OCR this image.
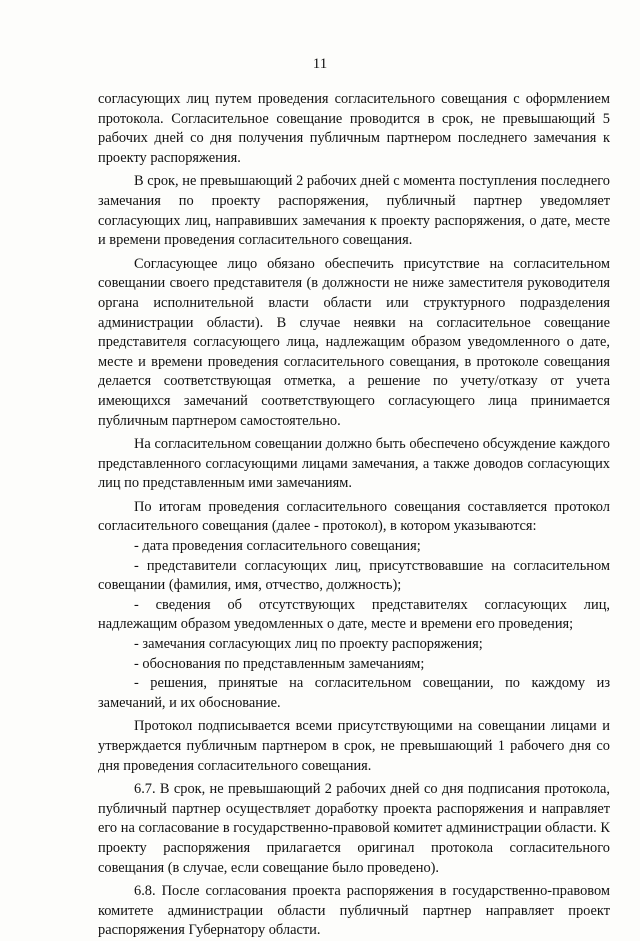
11

согласующих лиц путем проведения согласительного совещания с оформлением протокола. Согласительное совещание проводится в срок, не превышающий 5 рабочих дней со дня получения публичным партнером последнего замечания к проекту распоряжения.

В срок, не превышающий 2 рабочих дней с момента поступления последнего замечания по проекту распоряжения, публичный партнер уведомляет согласующих лиц, направивших замечания к проекту распоряжения, о дате, месте и времени проведения согласительного совещания.

Согласующее лицо обязано обеспечить присутствие на согласительном совещании своего представителя (в должности не ниже заместителя руководителя органа исполнительной власти области или структурного подразделения администрации области). В случае неявки на согласительное совещание представителя согласующего лица, надлежащим образом уведомленного о дате, месте и времени проведения согласительного совещания, в протоколе совещания делается соответствующая отметка, а решение по учету/отказу от учета имеющихся замечаний соответствующего согласующего лица принимается публичным партнером самостоятельно.

На согласительном совещании должно быть обеспечено обсуждение каждого представленного согласующими лицами замечания, а также доводов согласующих лиц по представленным ими замечаниям.

По итогам проведения согласительного совещания составляется протокол согласительного совещания (далее - протокол), в котором указываются:

- дата проведения согласительного совещания;

- представители согласующих лиц, присутствовавшие на согласительном совещании (фамилия, имя, отчество, должность);

- сведения об отсутствующих представителях согласующих лиц, надлежащим образом уведомленных о дате, месте и времени его проведения;

- замечания согласующих лиц по проекту распоряжения;

- обоснования по представленным замечаниям;

- решения, принятые на согласительном совещании, по каждому из замечаний, и их обоснование.

Протокол подписывается всеми присутствующими на совещании лицами и утверждается публичным партнером в срок, не превышающий 1 рабочего дня со дня проведения согласительного совещания.

6.7. В срок, не превышающий 2 рабочих дней со дня подписания протокола, публичный партнер осуществляет доработку проекта распоряжения и направляет его на согласование в государственно-правовой комитет администрации области. К проекту распоряжения прилагается оригинал протокола согласительного совещания (в случае, если совещание было проведено).

6.8. После согласования проекта распоряжения в государственно-правовом комитете администрации области публичный партнер направляет проект распоряжения Губернатору области.
